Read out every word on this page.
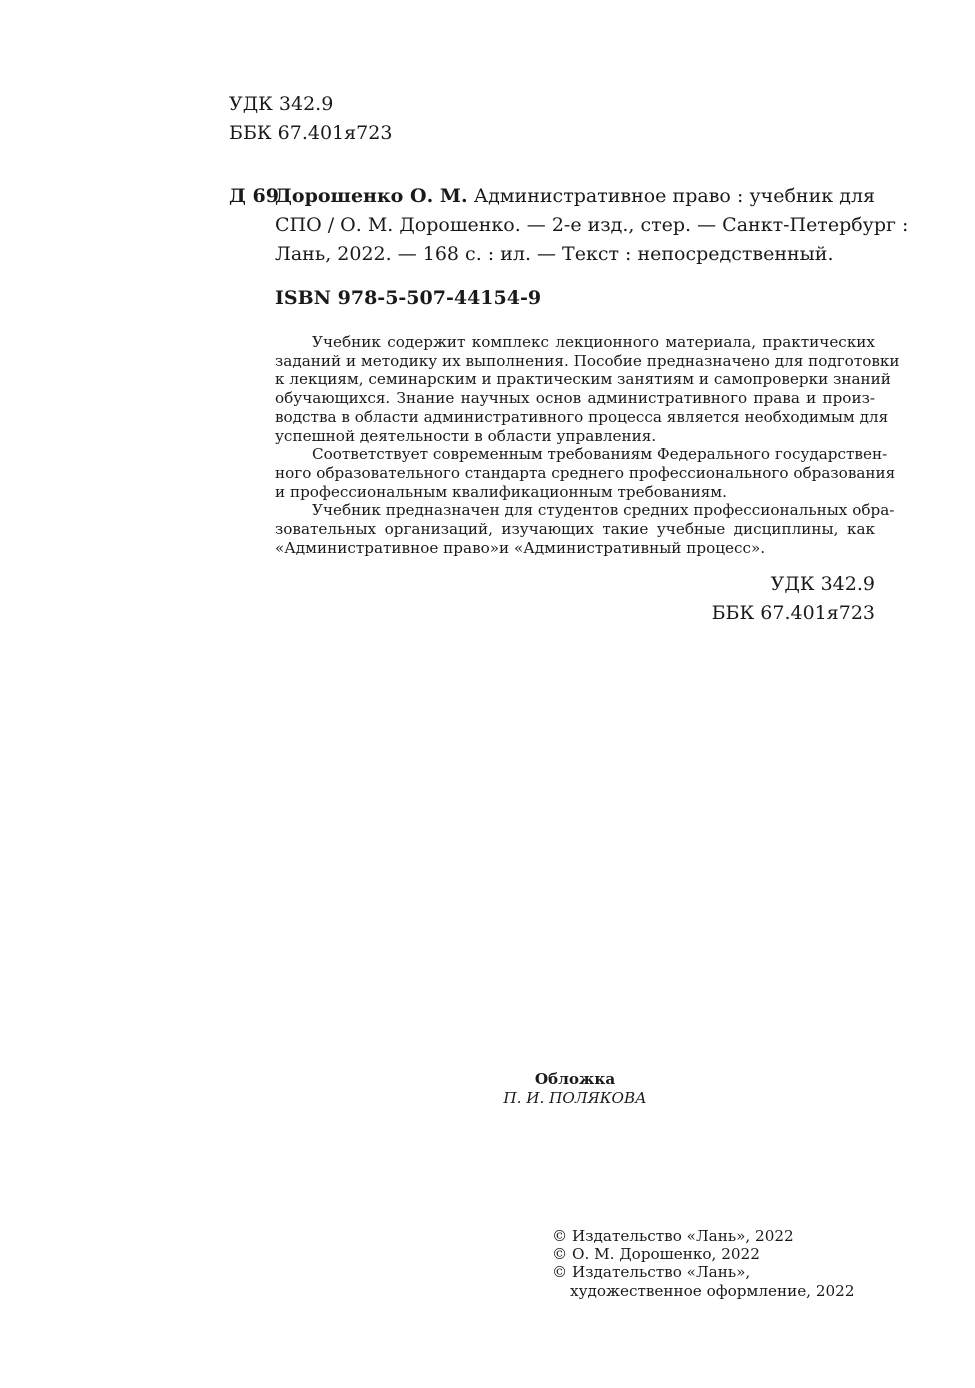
УДК 342.9
ББК 67.401я723
Д 69
Дорошенко О. М. Административное право : учебник для
СПО / О. М. Дорошенко. — 2-е изд., стер. — Санкт-Петербург :
Лань, 2022. — 168 с. : ил. — Текст : непосредственный.
ISBN 978-5-507-44154-9
Учебник содержит комплекс лекционного материала, практических
заданий и методику их выполнения. Пособие предназначено для подготовки
к лекциям, семинарским и практическим занятиям и самопроверки знаний
обучающихся. Знание научных основ административного права и произ-
водства в области административного процесса является необходимым для
успешной деятельности в области управления.
Соответствует современным требованиям Федерального государствен-
ного образовательного стандарта среднего профессионального образования
и профессиональным квалификационным требованиям.
Учебник предназначен для студентов средних профессиональных обра-
зовательных организаций, изучающих такие учебные дисциплины, как
«Административное право»и «Административный процесс».
УДК 342.9
ББК 67.401я723
Обложка
П. И. ПОЛЯКОВА
© Издательство «Лань», 2022
© О. М. Дорошенко, 2022
© Издательство «Лань»,
художественное оформление, 2022
